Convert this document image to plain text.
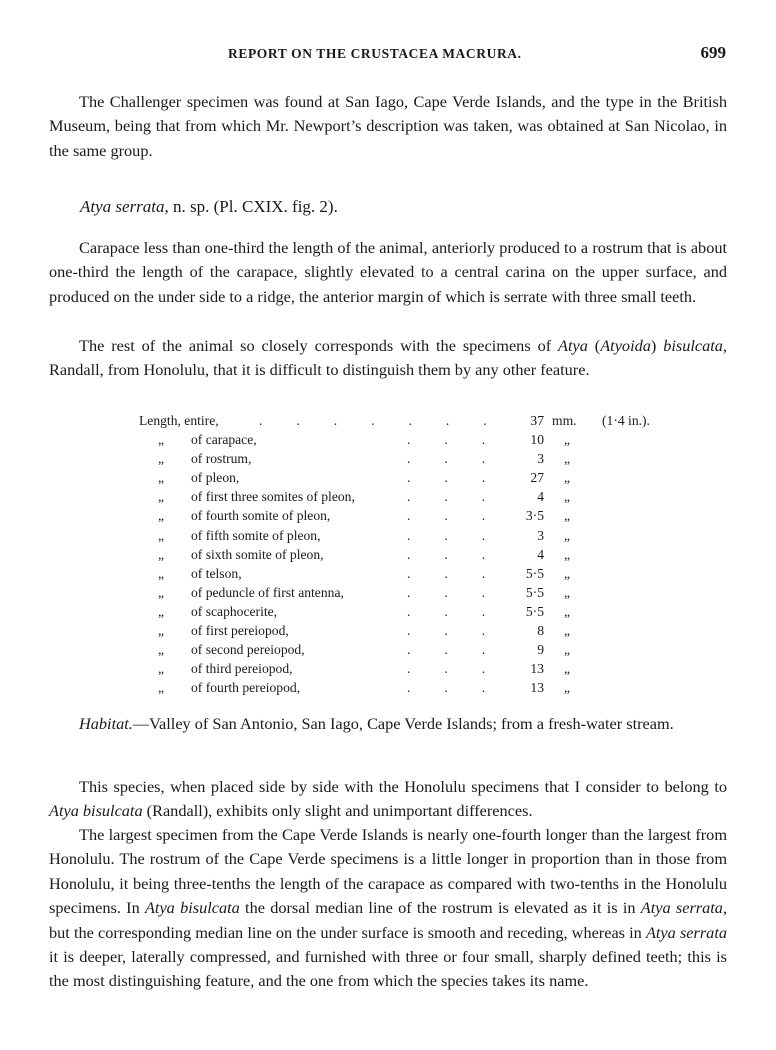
REPORT ON THE CRUSTACEA MACRURA.	699

The Challenger specimen was found at San Iago, Cape Verde Islands, and the type in the British Museum, being that from which Mr. Newport’s description was taken, was obtained at San Nicolao, in the same group.

Atya serrata, n. sp. (Pl. CXIX. fig. 2).

Carapace less than one-third the length of the animal, anteriorly produced to a rostrum that is about one-third the length of the carapace, slightly elevated to a central carina on the upper surface, and produced on the under side to a ridge, the anterior margin of which is serrate with three small teeth.

The rest of the animal so closely corresponds with the specimens of Atya (Atyoida) bisulcata, Randall, from Honolulu, that it is difficult to distinguish them by any other feature.

Length, entire,	.          .          .          .          .          .          .	37 mm. (1·4 in.).
„ of carapace,	.          .          .	10 „
„ of rostrum,	.          .          .	3 „
„ of pleon,	.          .          .	27 „
„ of first three somites of pleon,	.          .          .	4 „
„ of fourth somite of pleon,	.          .          .	3·5 „
„ of fifth somite of pleon,	.          .          .	3 „
„ of sixth somite of pleon,	.          .          .	4 „
„ of telson,	.          .          .	5·5 „
„ of peduncle of first antenna,	.          .          .	5·5 „
„ of scaphocerite,	.          .          .	5·5 „
„ of first pereiopod,	.          .          .	8 „
„ of second pereiopod,	.          .          .	9 „
„ of third pereiopod,	.          .          .	13 „
„ of fourth pereiopod,	.          .          .	13 „

Habitat.—Valley of San Antonio, San Iago, Cape Verde Islands; from a fresh-water stream.

This species, when placed side by side with the Honolulu specimens that I consider to belong to Atya bisulcata (Randall), exhibits only slight and unimportant differences.

The largest specimen from the Cape Verde Islands is nearly one-fourth longer than the largest from Honolulu. The rostrum of the Cape Verde specimens is a little longer in proportion than in those from Honolulu, it being three-tenths the length of the carapace as compared with two-tenths in the Honolulu specimens. In Atya bisulcata the dorsal median line of the rostrum is elevated as it is in Atya serrata, but the corresponding median line on the under surface is smooth and receding, whereas in Atya serrata it is deeper, laterally compressed, and furnished with three or four small, sharply defined teeth; this is the most distinguishing feature, and the one from which the species takes its name.
